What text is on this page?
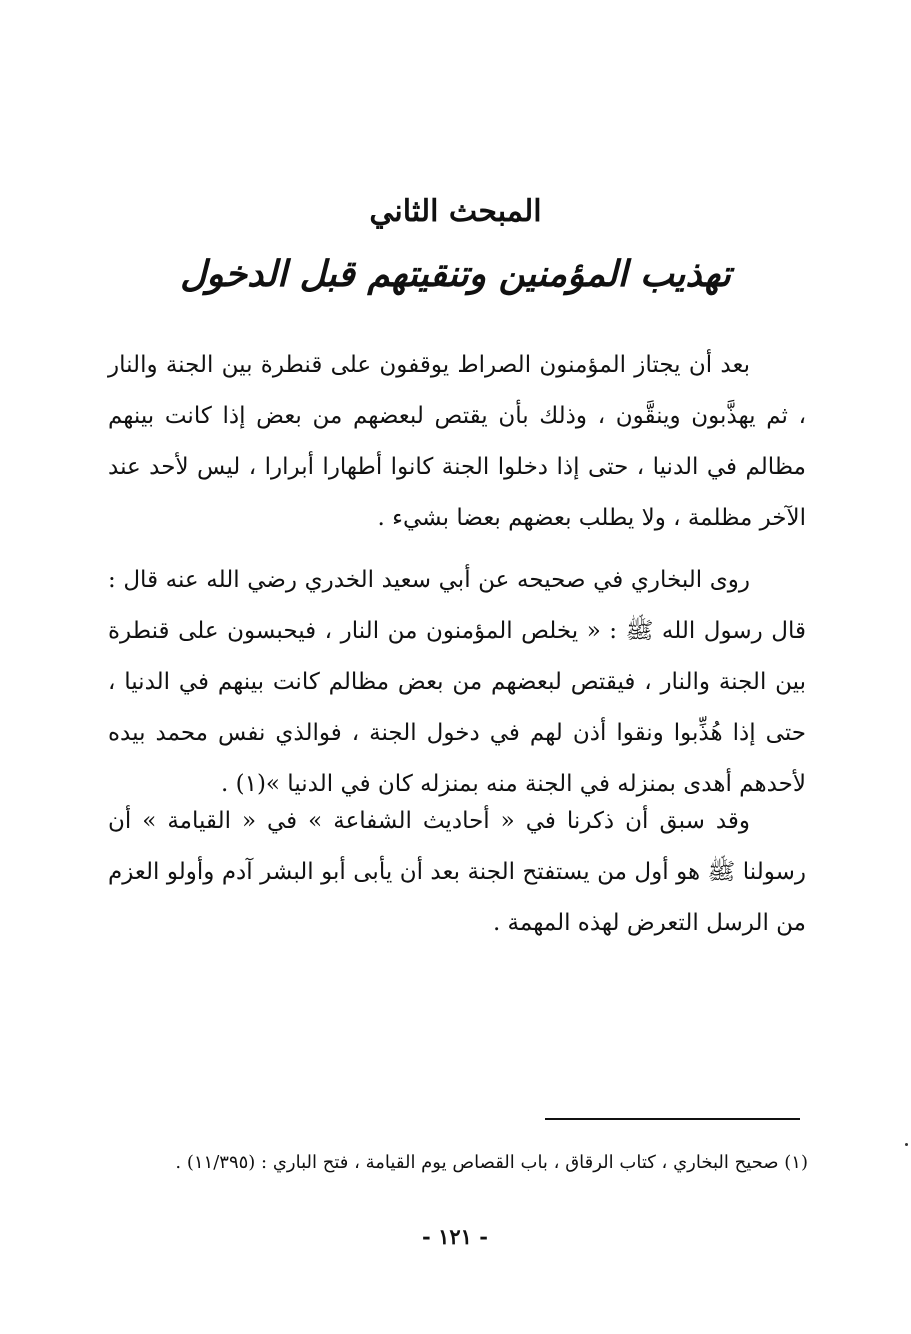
المبحث الثاني
تهذيب المؤمنين وتنقيتهم قبل الدخول

بعد أن يجتاز المؤمنون الصراط يوقفون على قنطرة بين الجنة والنار ، ثم يهذَّبون وينقَّون ، وذلك بأن يقتص لبعضهم من بعض إذا كانت بينهم مظالم في الدنيا ، حتى إذا دخلوا الجنة كانوا أطهارا أبرارا ، ليس لأحد عند الآخر مظلمة ، ولا يطلب بعضهم بعضا بشيء .

روى البخاري في صحيحه عن أبي سعيد الخدري رضي الله عنه قال : قال رسول الله ﷺ : « يخلص المؤمنون من النار ، فيحبسون على قنطرة بين الجنة والنار ، فيقتص لبعضهم من بعض مظالم كانت بينهم في الدنيا ، حتى إذا هُذِّبوا ونقوا أذن لهم في دخول الجنة ، فوالذي نفس محمد بيده لأحدهم أهدى بمنزله في الجنة منه بمنزله كان في الدنيا »(١) .

وقد سبق أن ذكرنا في « أحاديث الشفاعة » في « القيامة » أن رسولنا ﷺ هو أول من يستفتح الجنة بعد أن يأبى أبو البشر آدم وأولو العزم من الرسل التعرض لهذه المهمة .

(١) صحيح البخاري ، كتاب الرقاق ، باب القصاص يوم القيامة ، فتح الباري : (١١/٣٩٥) .
- ١٢١ -
